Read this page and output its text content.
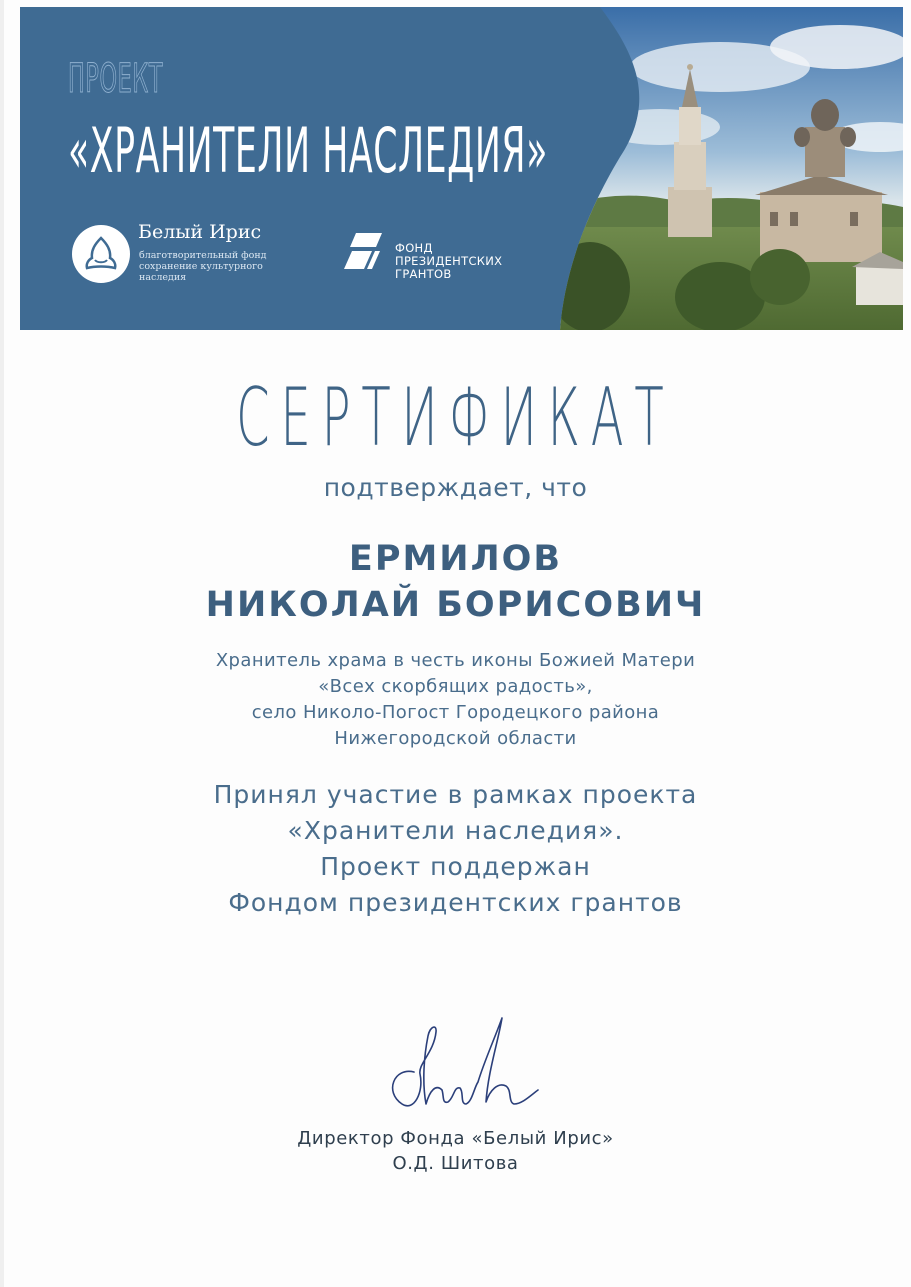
ПРОЕКТ
«ХРАНИТЕЛИ НАСЛЕДИЯ»
Белый Ирис
благотворительный фонд сохранение культурного наследия
ФОНД
ПРЕЗИДЕНТСКИХ
ГРАНТОВ
СЕРТИФИКАТ
подтверждает, что
ЕРМИЛОВ
НИКОЛАЙ БОРИСОВИЧ
Хранитель храма в честь иконы Божией Матери
«Всех скорбящих радость»,
село Николо-Погост Городецкого района
Нижегородской области
Принял участие в рамках проекта
«Хранители наследия».
Проект поддержан
Фондом президентских грантов
Директор Фонда «Белый Ирис»
О.Д. Шитова
